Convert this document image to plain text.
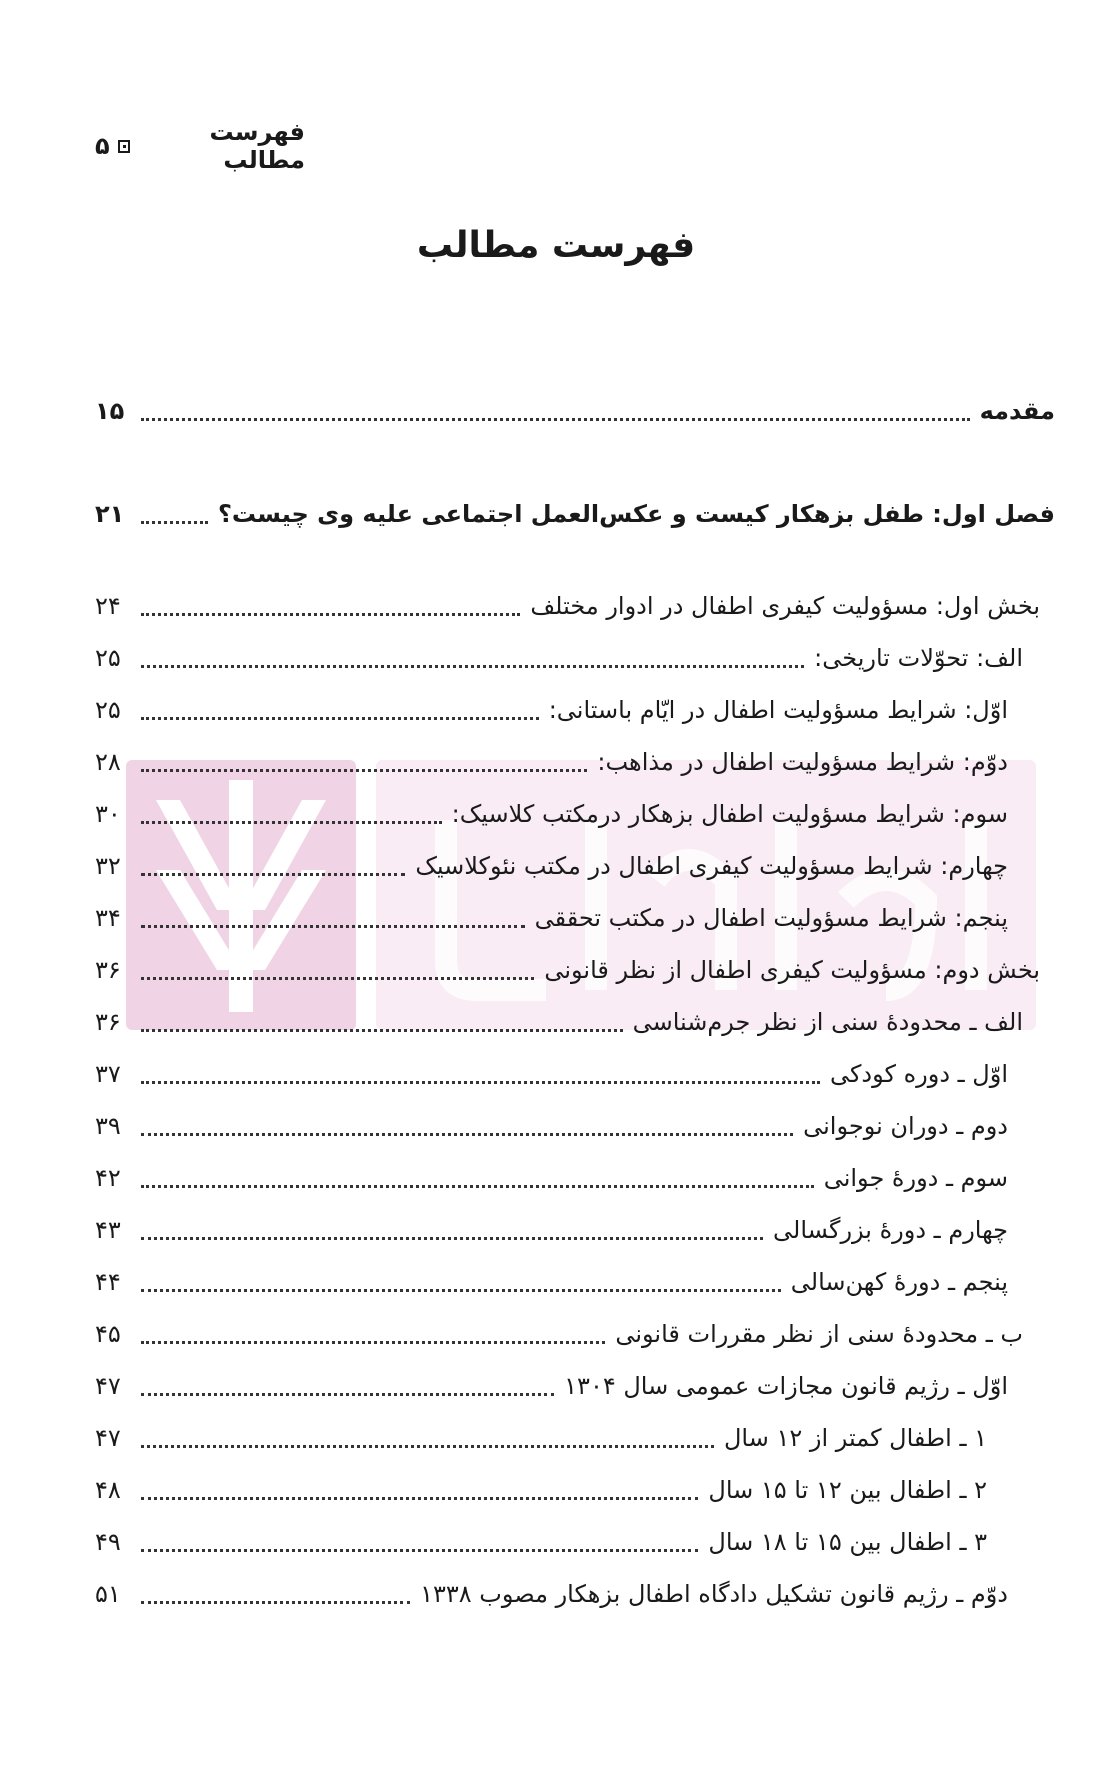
فهرست مطالب
۵
فهرست مطالب
مقدمه
۱۵
فصل اول: طفل بزهکار کیست و عکس‌العمل اجتماعی علیه وی چیست؟
۲۱
بخش اول: مسؤولیت کیفری اطفال در ادوار مختلف
۲۴
الف: تحوّلات تاریخی:
۲۵
اوّل: شرایط مسؤولیت اطفال در ایّام باستانی:
۲۵
دوّم: شرایط مسؤولیت اطفال در مذاهب:
۲۸
سوم: شرایط مسؤولیت اطفال بزهکار درمکتب کلاسیک:
۳۰
چهارم: شرایط مسؤولیت کیفری اطفال در مکتب نئوکلاسیک
۳۲
پنجم: شرایط مسؤولیت اطفال در مکتب تحققی
۳۴
بخش دوم: مسؤولیت کیفری اطفال از نظر قانونی
۳۶
الف ـ محدودهٔ سنی از نظر جرم‌شناسی
۳۶
اوّل ـ دوره کودکی
۳۷
دوم ـ دوران نوجوانی
۳۹
سوم ـ دورهٔ جوانی
۴۲
چهارم ـ دورهٔ بزرگسالی
۴۳
پنجم ـ دورهٔ کهن‌سالی
۴۴
ب ـ محدودهٔ سنی از نظر مقررات قانونی
۴۵
اوّل ـ رژیم قانون مجازات عمومی سال ۱۳۰۴
۴۷
۱ ـ اطفال کمتر از ۱۲ سال
۴۷
۲ ـ اطفال بین ۱۲ تا ۱۵ سال
۴۸
۳ ـ اطفال بین ۱۵ تا ۱۸ سال
۴۹
دوّم ـ رژیم قانون تشکیل دادگاه اطفال بزهکار مصوب ۱۳۳۸
۵۱
